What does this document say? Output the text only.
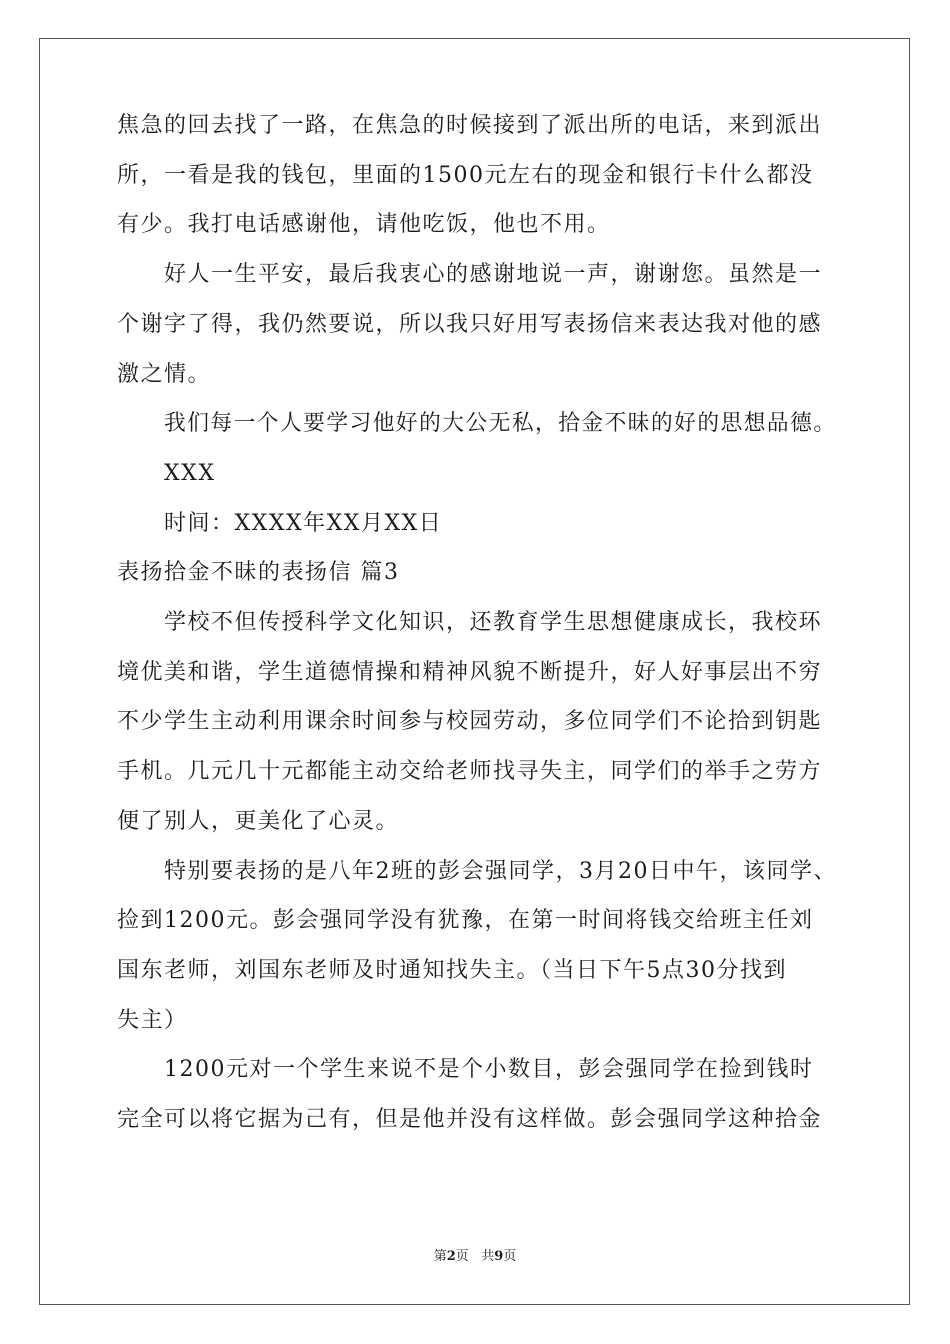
焦急的回去找了一路，在焦急的时候接到了派出所的电话，来到派出
所，一看是我的钱包，里面的1500元左右的现金和银行卡什么都没
有少。我打电话感谢他，请他吃饭，他也不用。
好人一生平安，最后我衷心的感谢地说一声，谢谢您。虽然是一
个谢字了得，我仍然要说，所以我只好用写表扬信来表达我对他的感
激之情。
我们每一个人要学习他好的大公无私，拾金不昧的好的思想品德。
XXX
时间：XXXX年XX月XX日
表扬拾金不昧的表扬信 篇3
学校不但传授科学文化知识，还教育学生思想健康成长，我校环
境优美和谐，学生道德情操和精神风貌不断提升，好人好事层出不穷
不少学生主动利用课余时间参与校园劳动，多位同学们不论拾到钥匙
手机。几元几十元都能主动交给老师找寻失主，同学们的举手之劳方
便了别人，更美化了心灵。
特别要表扬的是八年2班的彭会强同学，3月20日中午，该同学、
捡到1200元。彭会强同学没有犹豫，在第一时间将钱交给班主任刘
国东老师，刘国东老师及时通知找失主。（当日下午5点30分找到
失主）
1200元对一个学生来说不是个小数目，彭会强同学在捡到钱时
完全可以将它据为己有，但是他并没有这样做。彭会强同学这种拾金
第2页 共9页
